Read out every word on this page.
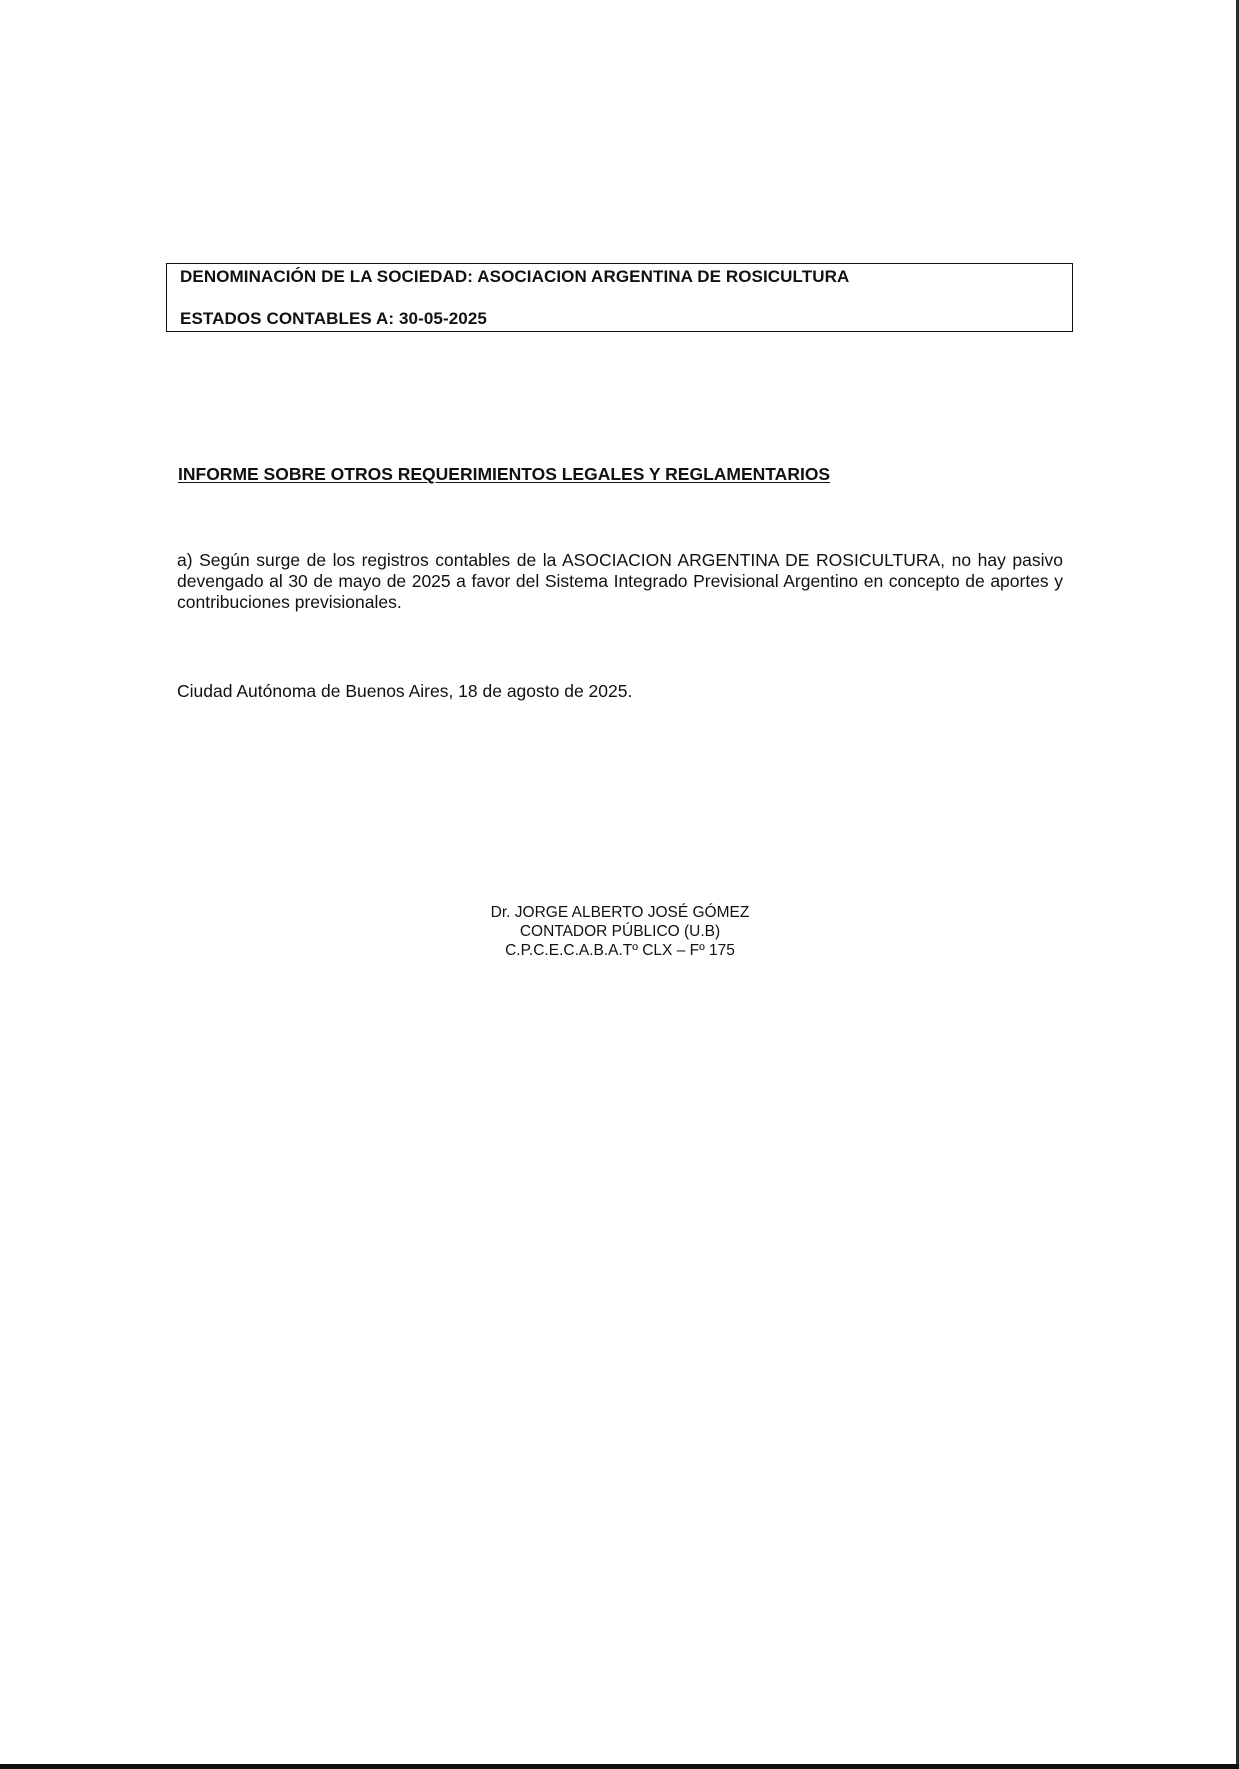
DENOMINACIÓN DE LA SOCIEDAD: ASOCIACION ARGENTINA DE ROSICULTURA
ESTADOS CONTABLES A: 30-05-2025
INFORME SOBRE OTROS REQUERIMIENTOS LEGALES Y REGLAMENTARIOS

a) Según surge de los registros contables de la ASOCIACION ARGENTINA DE ROSICULTURA, no hay pasivo devengado al 30 de mayo de 2025 a favor del Sistema Integrado Previsional Argentino en concepto de aportes y contribuciones previsionales.

Ciudad Autónoma de Buenos Aires, 18 de agosto de 2025.
Dr. JORGE ALBERTO JOSÉ GÓMEZ
CONTADOR PÚBLICO (U.B)
C.P.C.E.C.A.B.A.Tº CLX – Fº 175
